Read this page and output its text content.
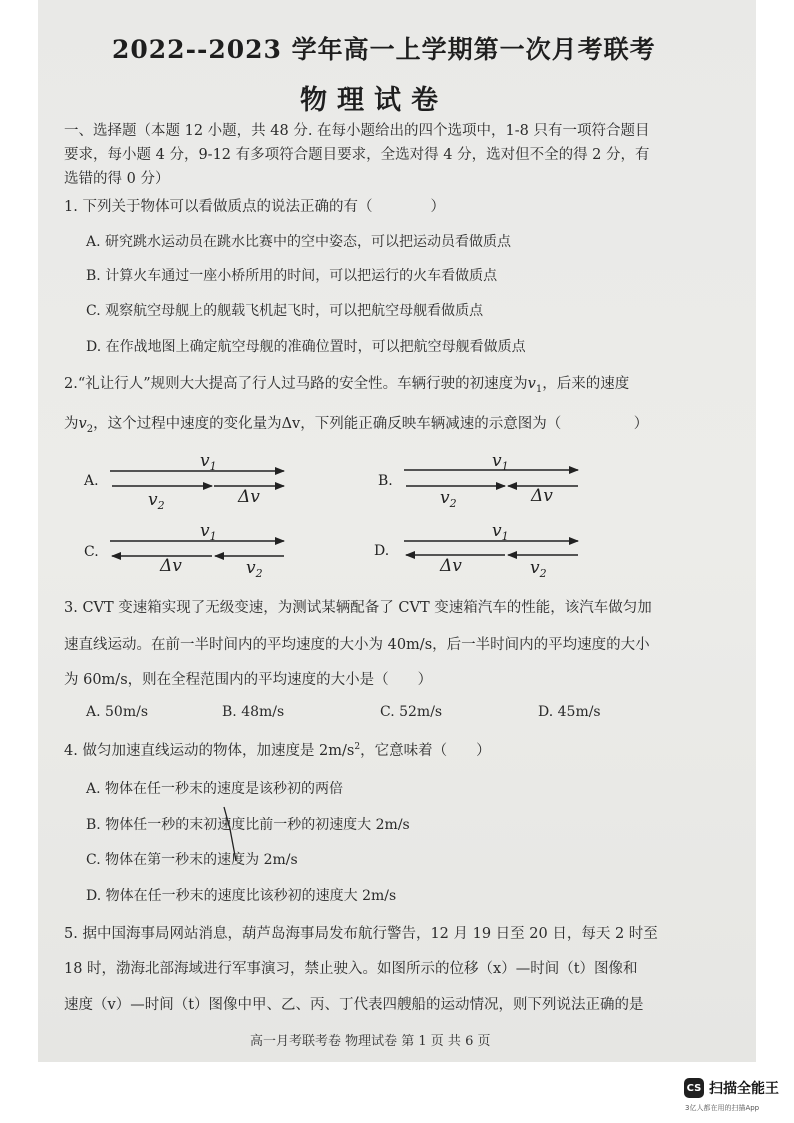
2022--2023 学年高一上学期第一次月考联考
物理试卷
一、选择题（本题 12 小题，共 48 分. 在每小题给出的四个选项中，1-8 只有一项符合题目
要求，每小题 4 分，9-12 有多项符合题目要求，全选对得 4 分，选对但不全的得 2 分，有
选错的得 0 分）
1. 下列关于物体可以看做质点的说法正确的有（　　　　）
A. 研究跳水运动员在跳水比赛中的空中姿态，可以把运动员看做质点
B. 计算火车通过一座小桥所用的时间，可以把运行的火车看做质点
C. 观察航空母舰上的舰载飞机起飞时，可以把航空母舰看做质点
D. 在作战地图上确定航空母舰的准确位置时，可以把航空母舰看做质点
2.“礼让行人”规则大大提高了行人过马路的安全性。车辆行驶的初速度为$v_1$，后来的速度
为$v_2$，这个过程中速度的变化量为Δv，下列能正确反映车辆减速的示意图为（　　　　　）
A.
$v_1$
$v_2$	Δv
B.
$v_1$
$v_2$	Δv
C.
$v_1$
Δv	$v_2$
D.
$v_1$
Δv	$v_2$
3. CVT 变速箱实现了无级变速，为测试某辆配备了 CVT 变速箱汽车的性能，该汽车做匀加
速直线运动。在前一半时间内的平均速度的大小为 40m/s，后一半时间内的平均速度的大小
为 60m/s，则在全程范围内的平均速度的大小是（　　）
A. 50m/s	B. 48m/s	C. 52m/s	D. 45m/s
4. 做匀加速直线运动的物体，加速度是 $2m/s^2$，它意味着（　　）
A. 物体在任一秒末的速度是该秒初的两倍
B. 物体任一秒的末初速度比前一秒的初速度大 2m/s
C. 物体在第一秒末的速度为 2m/s
D. 物体在任一秒末的速度比该秒初的速度大 2m/s
5. 据中国海事局网站消息，葫芦岛海事局发布航行警告，12 月 19 日至 20 日，每天 2 时至
18 时，渤海北部海域进行军事演习，禁止驶入。如图所示的位移（x）—时间（t）图像和
速度（v）—时间（t）图像中甲、乙、丙、丁代表四艘船的运动情况，则下列说法正确的是
高一月考联考卷 物理试卷 第 1 页 共 6 页
CS 扫描全能王
3亿人都在用的扫描App
